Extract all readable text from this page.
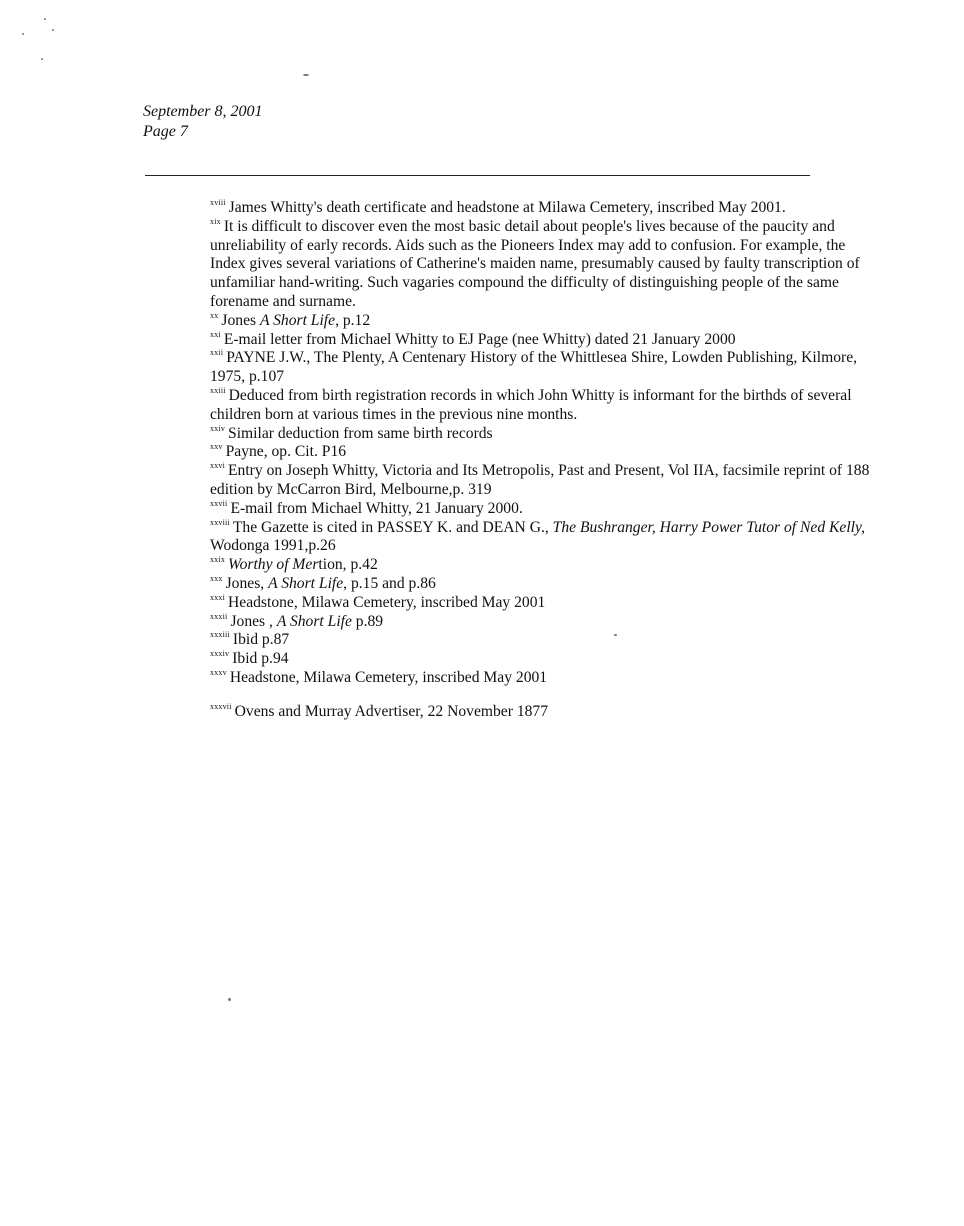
September 8, 2001
Page 7

$^{xviii}$ James Whitty's death certificate and headstone at Milawa Cemetery, inscribed May 2001.

$^{xix}$ It is difficult to discover even the most basic detail about people's lives because of the paucity and unreliability of early records. Aids such as the Pioneers Index may add to confusion. For example, the Index gives several variations of Catherine's maiden name, presumably caused by faulty transcription of unfamiliar hand-writing. Such vagaries compound the difficulty of distinguishing people of the same forename and surname.

$^{xx}$ Jones A Short Life, p.12

$^{xxi}$ E-mail letter from Michael Whitty to EJ Page (nee Whitty) dated 21 January 2000

$^{xxii}$ PAYNE J.W., The Plenty, A Centenary History of the Whittlesea Shire, Lowden Publishing, Kilmore, 1975, p.107

$^{xxiii}$ Deduced from birth registration records in which John Whitty is informant for the birthds of several children born at various times in the previous nine months.

$^{xxiv}$ Similar deduction from same birth records

$^{xxv}$ Payne, op. Cit. P16

$^{xxvi}$ Entry on Joseph Whitty, Victoria and Its Metropolis, Past and Present, Vol IIA, facsimile reprint of 188 edition by McCarron Bird, Melbourne,p. 319

$^{xxvii}$ E-mail from Michael Whitty, 21 January 2000.

$^{xxviii}$ The Gazette is cited in PASSEY K. and DEAN G., The Bushranger, Harry Power Tutor of Ned Kelly, Wodonga 1991,p.26

$^{xxix}$ Worthy of Mertion, p.42

$^{xxx}$ Jones, A Short Life, p.15 and p.86

$^{xxxi}$ Headstone, Milawa Cemetery, inscribed May 2001

$^{xxxii}$ Jones , A Short Life p.89

$^{xxxiii}$ Ibid p.87

$^{xxxiv}$ Ibid p.94

$^{xxxv}$ Headstone, Milawa Cemetery, inscribed May 2001

$^{xxxvii}$ Ovens and Murray Advertiser, 22 November 1877
